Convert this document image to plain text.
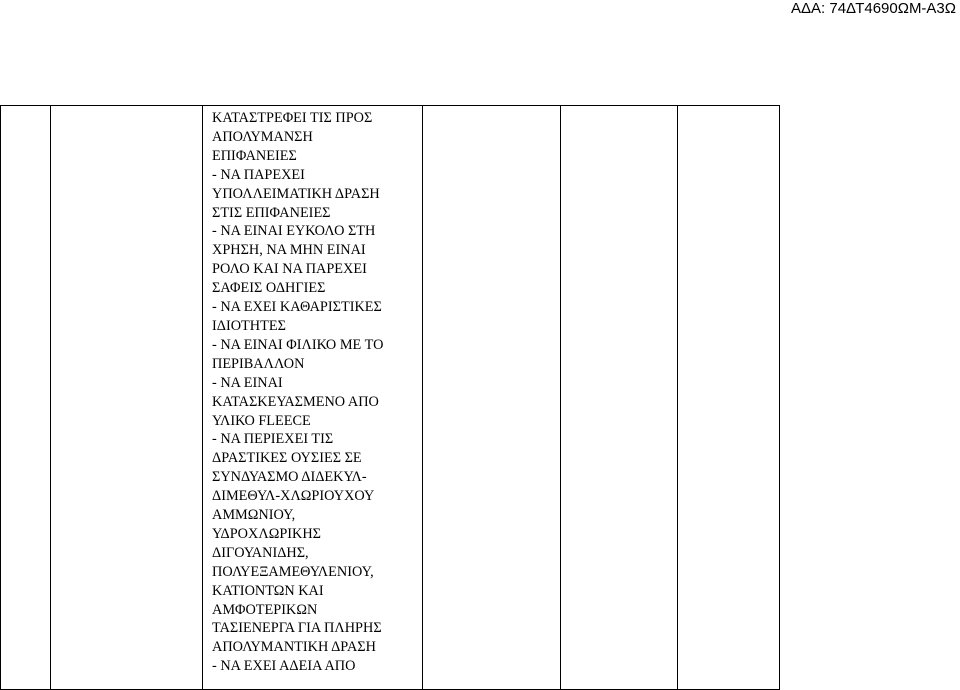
ΑΔΑ: 74ΔΤ4690ΩΜ-Α3Ω

ΚΑΤΑΣΤΡΕΦΕΙ ΤΙΣ ΠΡΟΣ
ΑΠΟΛΥΜΑΝΣΗ
ΕΠΙΦΑΝΕΙΕΣ
- ΝΑ ΠΑΡΕΧΕΙ
ΥΠΟΛΛΕΙΜΑΤΙΚΗ ΔΡΑΣΗ
ΣΤΙΣ ΕΠΙΦΑΝΕΙΕΣ
- ΝΑ ΕΙΝΑΙ ΕΥΚΟΛΟ ΣΤΗ
ΧΡΗΣΗ, ΝΑ ΜΗΝ ΕΙΝΑΙ
ΡΟΛΟ ΚΑΙ ΝΑ ΠΑΡΕΧΕΙ
ΣΑΦΕΙΣ ΟΔΗΓΙΕΣ
- ΝΑ ΕΧΕΙ ΚΑΘΑΡΙΣΤΙΚΕΣ
ΙΔΙΟΤΗΤΕΣ
- ΝΑ ΕΙΝΑΙ ΦΙΛΙΚΟ ΜΕ ΤΟ
ΠΕΡΙΒΑΛΛΟΝ
- ΝΑ ΕΙΝΑΙ
ΚΑΤΑΣΚΕΥΑΣΜΕΝΟ ΑΠΟ
ΥΛΙΚΟ FLEECE
- ΝΑ ΠΕΡΙΕΧΕΙ ΤΙΣ
ΔΡΑΣΤΙΚΕΣ ΟΥΣΙΕΣ ΣΕ
ΣΥΝΔΥΑΣΜΟ ΔΙΔΕΚΥΛ-
ΔΙΜΕΘΥΛ-ΧΛΩΡΙΟΥΧΟΥ
ΑΜΜΩΝΙΟΥ,
ΥΔΡΟΧΛΩΡΙΚΗΣ
ΔΙΓΟΥΑΝΙΔΗΣ,
ΠΟΛΥΕΞΑΜΕΘΥΛΕΝΙΟΥ,
ΚΑΤΙΟΝΤΩΝ ΚΑΙ
ΑΜΦΟΤΕΡΙΚΩΝ
ΤΑΣΙΕΝΕΡΓΑ ΓΙΑ ΠΛΗΡΗΣ
ΑΠΟΛΥΜΑΝΤΙΚΗ ΔΡΑΣΗ
- ΝΑ ΕΧΕΙ ΑΔΕΙΑ ΑΠΟ
